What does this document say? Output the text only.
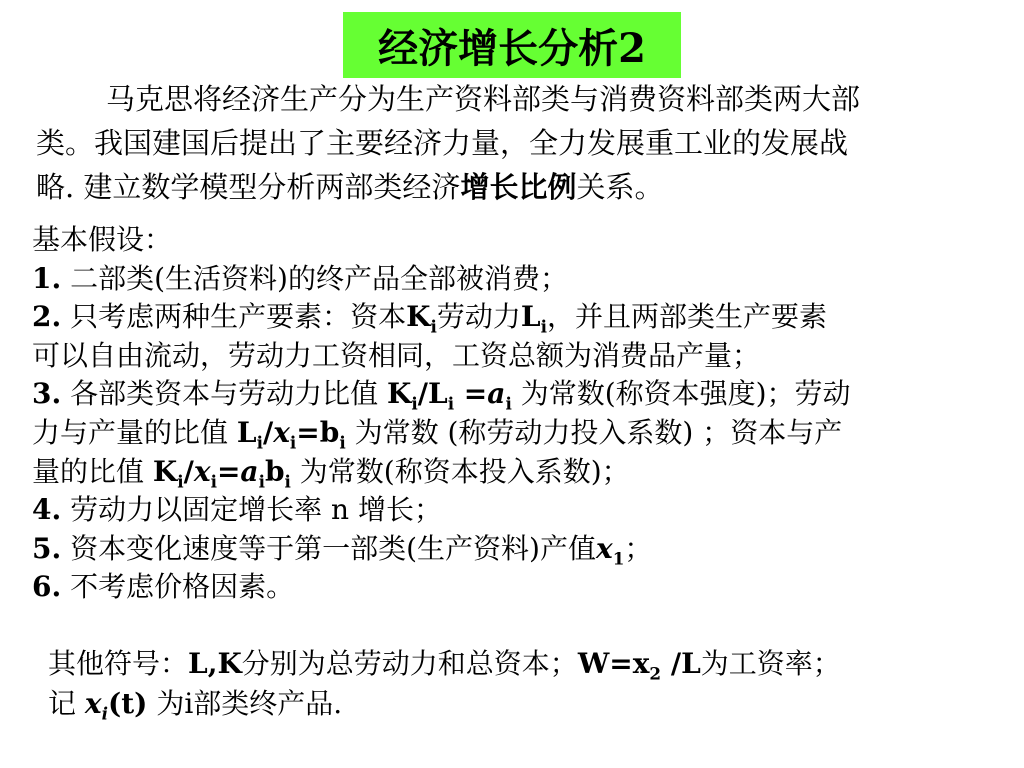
经济增长分析2
马克思将经济生产分为生产资料部类与消费资料部类两大部
类。我国建国后提出了主要经济力量，全力发展重工业的发展战
略. 建立数学模型分析两部类经济增长比例关系。
基本假设：
1. 二部类(生活资料)的终产品全部被消费；
2. 只考虑两种生产要素：资本$K_i$劳动力$L_i$，并且两部类生产要素
可以自由流动，劳动力工资相同，工资总额为消费品产量；
3. 各部类资本与劳动力比值 $K_i/L_i =a_i$ 为常数(称资本强度)；劳动
力与产量的比值 $L_i/x_i=b_i$ 为常数 (称劳动力投入系数) ；资本与产
量的比值 $K_i/x_i=a_ib_i$ 为常数(称资本投入系数)；
4. 劳动力以固定增长率 n 增长；
5. 资本变化速度等于第一部类(生产资料)产值$x_1$；
6. 不考虑价格因素。
其他符号：L,K分别为总劳动力和总资本；$W=x_2$ /L为工资率；
记 $x_i(t)$ 为i部类终产品.
